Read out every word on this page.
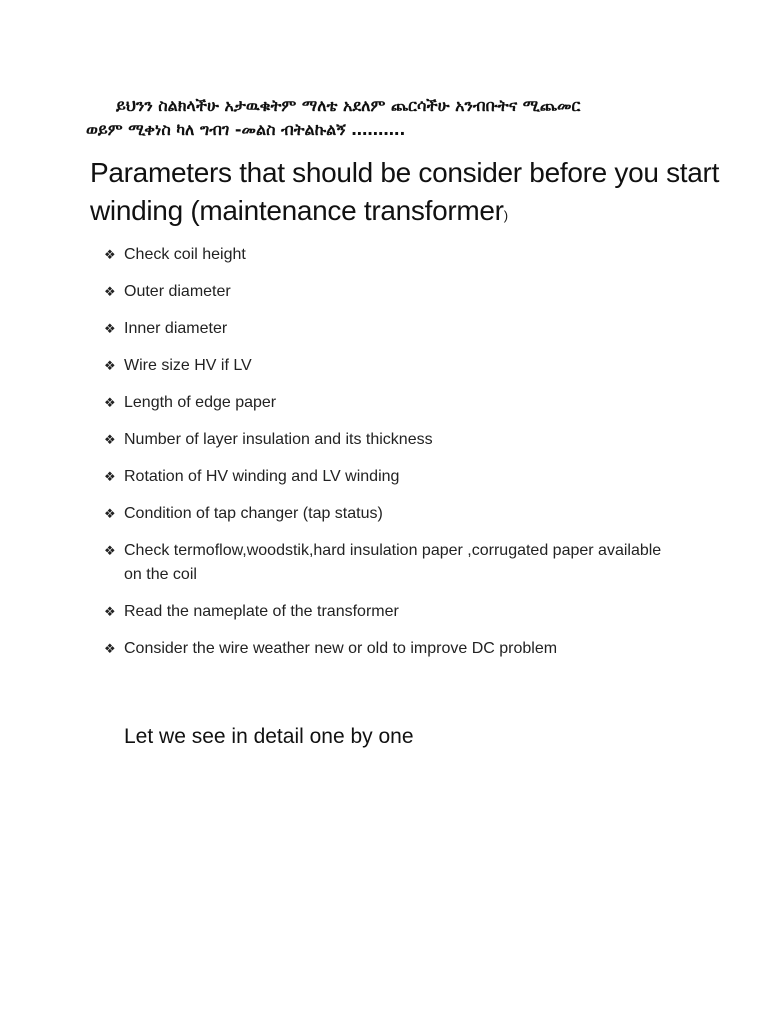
ይህንን ስልክላችሁ አታዉቁትም ማለቴ አደለም ጨርሳችሁ አንብቡትና ሚጨመር
ወይም ሚቀነስ ካለ ግብገ -መልስ ብትልኩልኝ ……….
Parameters that should be consider before you start winding (maintenance transformer)
❖ Check coil height
❖ Outer diameter
❖ Inner diameter
❖ Wire size HV if LV
❖ Length of edge paper
❖ Number of layer insulation and its thickness
❖ Rotation of HV winding and LV winding
❖ Condition of tap changer (tap status)
❖ Check termoflow,woodstik,hard insulation paper ,corrugated paper available on the coil
❖ Read the nameplate of the transformer
❖ Consider the wire weather new or old to improve DC problem
Let we see in detail one by one
